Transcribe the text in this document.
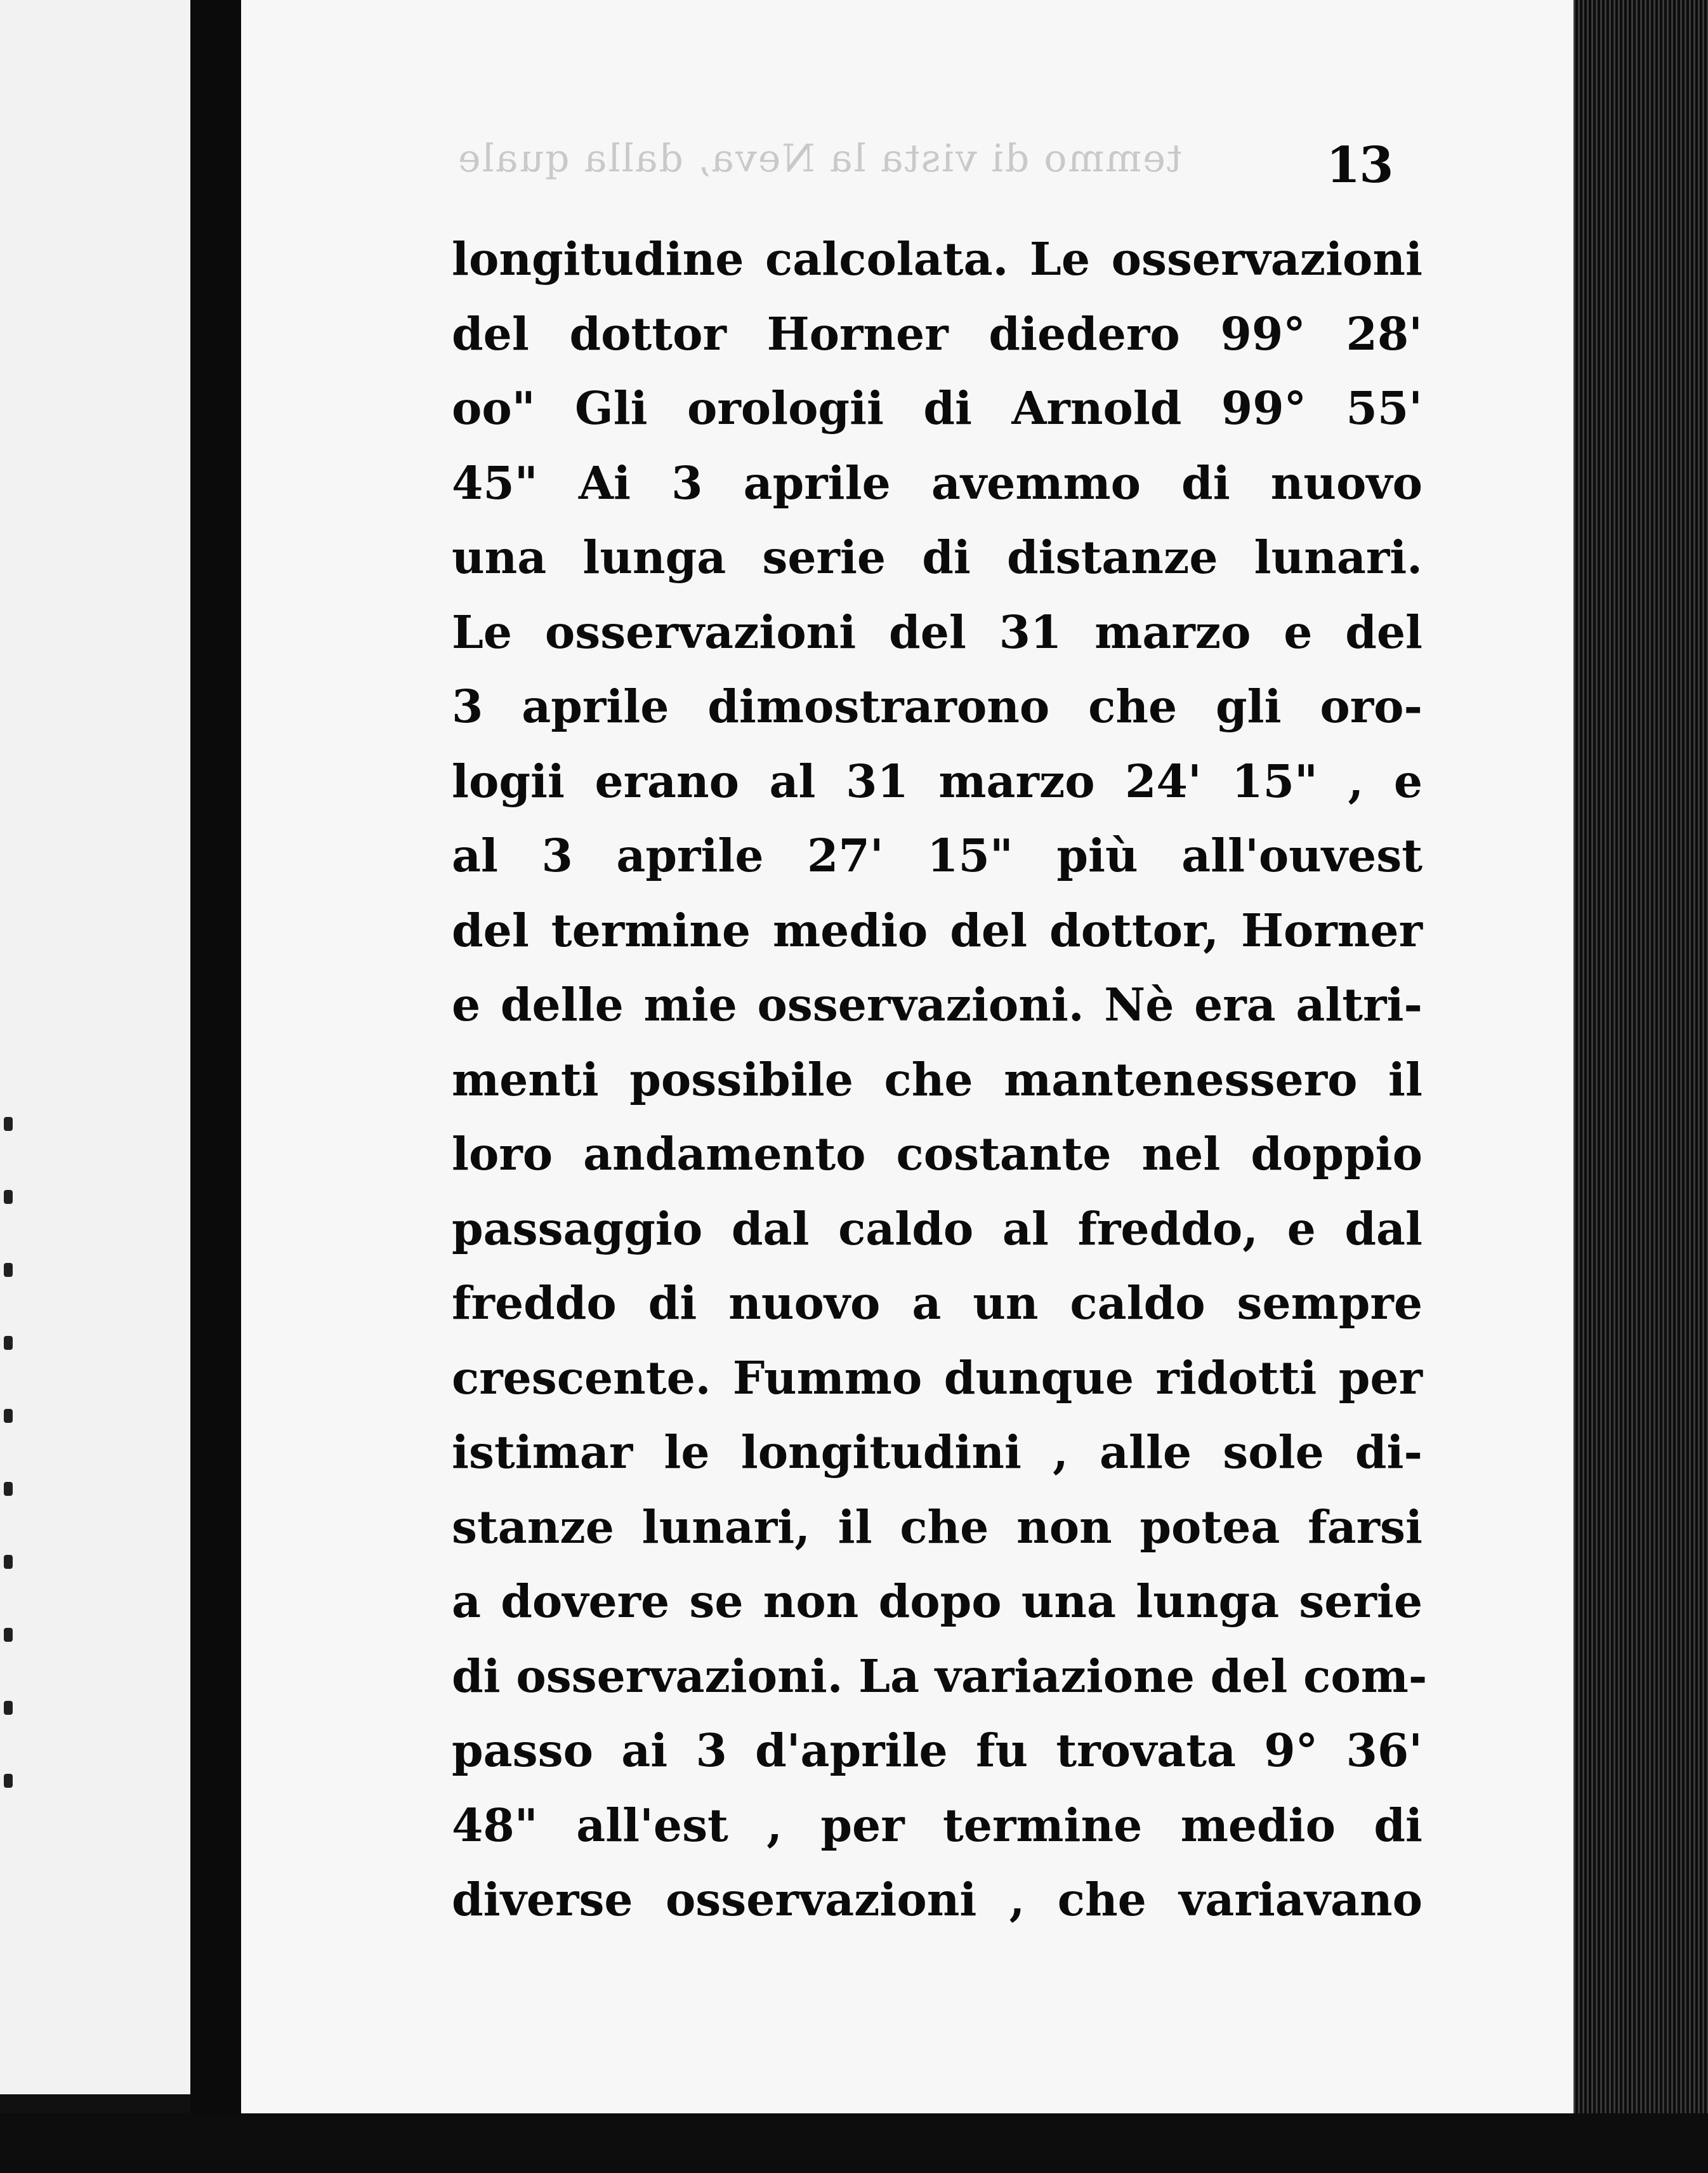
temmo di vista la Neva, dalla quale	13
longitudine calcolata. Le osservazioni
del dottor Horner diedero 99° 28'
oo" Gli orologii di Arnold 99° 55'
45" Ai 3 aprile avemmo di nuovo
una lunga serie di distanze lunari.
Le osservazioni del 31 marzo e del
3 aprile dimostrarono che gli oro-
logii erano al 31 marzo 24' 15" , e
al 3 aprile 27' 15" più all'ouvest
del termine medio del dottor, Horner
e delle mie osservazioni. Nè era altri-
menti possibile che mantenessero il
loro andamento costante nel doppio
passaggio dal caldo al freddo, e dal
freddo di nuovo a un caldo sempre
crescente. Fummo dunque ridotti per
istimar le longitudini , alle sole di-
stanze lunari, il che non potea farsi
a dovere se non dopo una lunga serie
di osservazioni. La variazione del com-
passo ai 3 d'aprile fu trovata 9° 36'
48" all'est , per termine medio di
diverse osservazioni , che variavano
